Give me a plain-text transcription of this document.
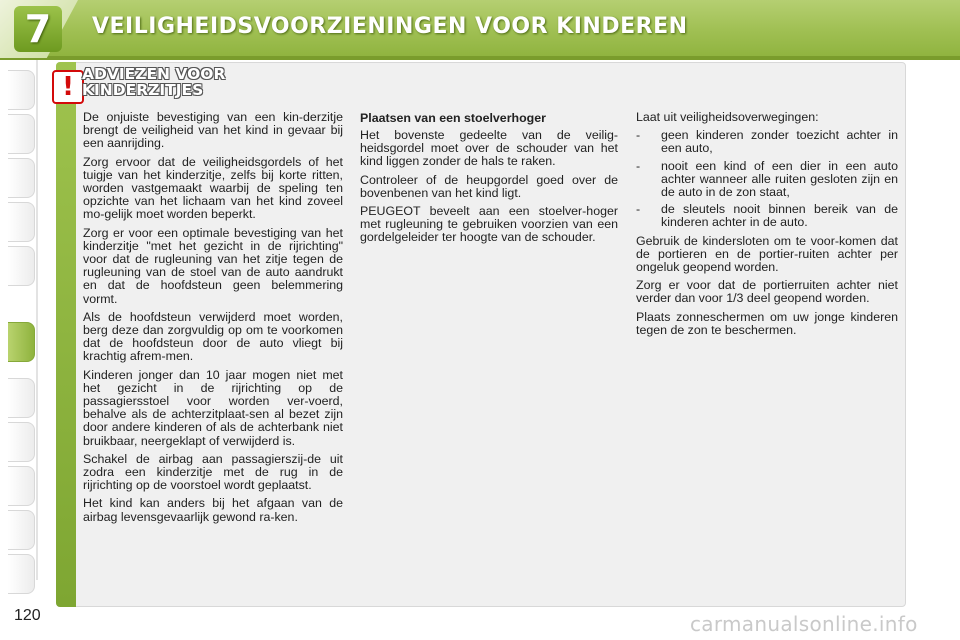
7	VEILIGHEIDSVOORZIENINGEN VOOR KINDEREN
! ADVIEZEN VOOR
KINDERZITJES

De onjuiste bevestiging van een kin-derzitje brengt de veiligheid van het kind in gevaar bij een aanrijding.

Zorg ervoor dat de veiligheidsgordels of het tuigje van het kinderzitje, zelfs bij korte ritten, worden vastgemaakt waarbij de speling ten opzichte van het lichaam van het kind zoveel mo-gelijk moet worden beperkt.

Zorg er voor een optimale bevestiging van het kinderzitje "met het gezicht in de rijrichting" voor dat de rugleuning van het zitje tegen de rugleuning van de stoel van de auto aandrukt en dat de hoofdsteun geen belemmering vormt.

Als de hoofdsteun verwijderd moet worden, berg deze dan zorgvuldig op om te voorkomen dat de hoofdsteun door de auto vliegt bij krachtig afrem-men.

Kinderen jonger dan 10 jaar mogen niet met het gezicht in de rijrichting op de passagiersstoel voor worden ver-voerd, behalve als de achterzitplaat-sen al bezet zijn door andere kinderen of als de achterbank niet bruikbaar, neergeklapt of verwijderd is.

Schakel de airbag aan passagierszij-de uit zodra een kinderzitje met de rug in de rijrichting op de voorstoel wordt geplaatst.

Het kind kan anders bij het afgaan van de airbag levensgevaarlijk gewond ra-ken.

Plaatsen van een stoelverhoger

Het bovenste gedeelte van de veilig-heidsgordel moet over de schouder van het kind liggen zonder de hals te raken.

Controleer of de heupgordel goed over de bovenbenen van het kind ligt.

PEUGEOT beveelt aan een stoelver-hoger met rugleuning te gebruiken voorzien van een gordelgeleider ter hoogte van de schouder.

Laat uit veiligheidsoverwegingen:

- geen kinderen zonder toezicht achter in een auto,
- nooit een kind of een dier in een auto achter wanneer alle ruiten gesloten zijn en de auto in de zon staat,
- de sleutels nooit binnen bereik van de kinderen achter in de auto.

Gebruik de kindersloten om te voor-komen dat de portieren en de portier-ruiten achter per ongeluk geopend worden.

Zorg er voor dat de portierruiten achter niet verder dan voor 1/3 deel geopend worden.

Plaats zonneschermen om uw jonge kinderen tegen de zon te beschermen.

120	carmanualsonline.info
